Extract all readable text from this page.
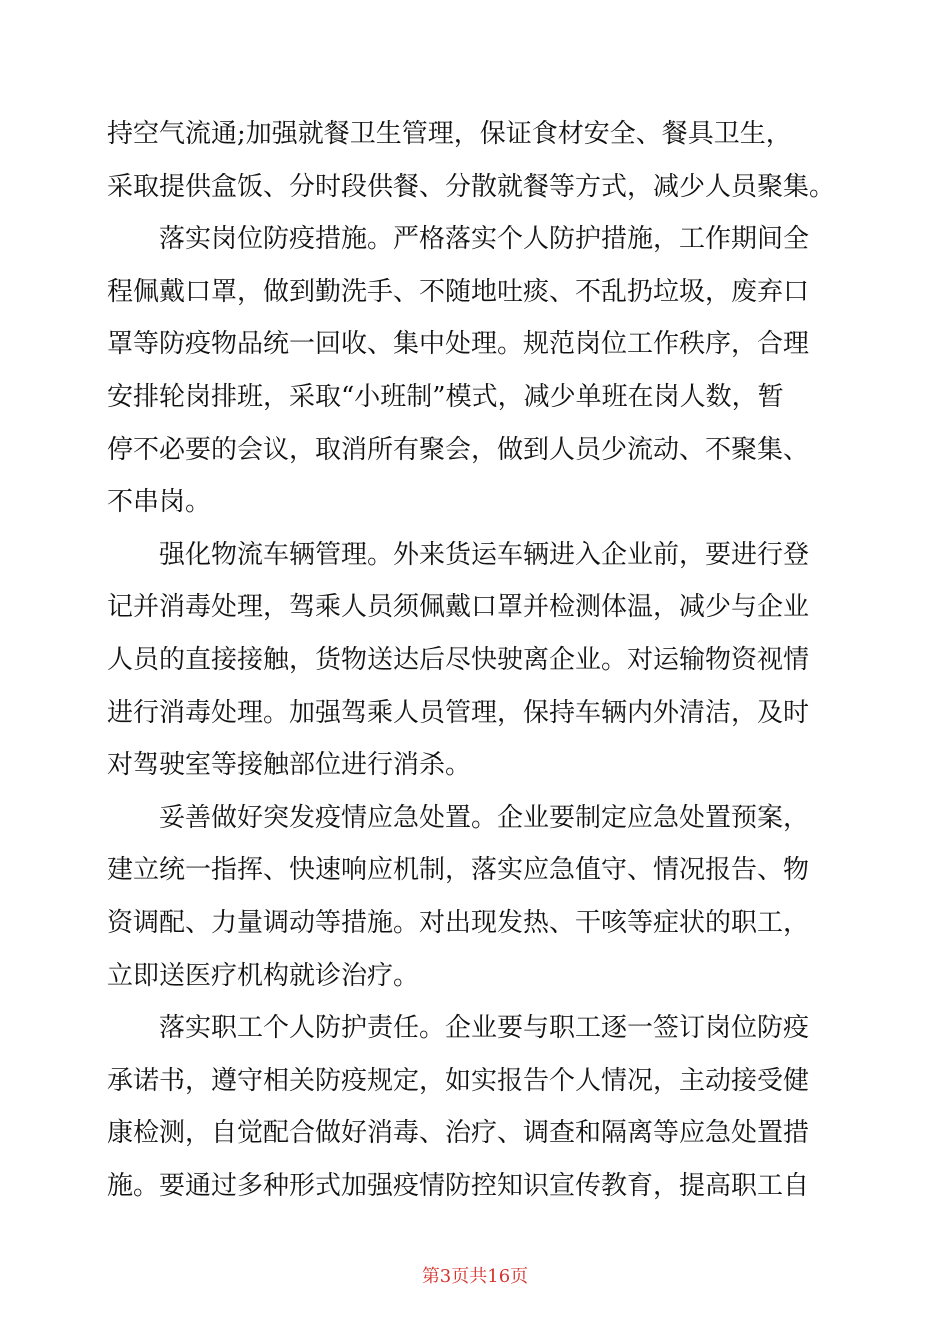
持空气流通;加强就餐卫生管理，保证食材安全、餐具卫生，
采取提供盒饭、分时段供餐、分散就餐等方式，减少人员聚集。
　　落实岗位防疫措施。严格落实个人防护措施，工作期间全
程佩戴口罩，做到勤洗手、不随地吐痰、不乱扔垃圾，废弃口
罩等防疫物品统一回收、集中处理。规范岗位工作秩序，合理
安排轮岗排班，采取“小班制”模式，减少单班在岗人数，暂
停不必要的会议，取消所有聚会，做到人员少流动、不聚集、
不串岗。
　　强化物流车辆管理。外来货运车辆进入企业前，要进行登
记并消毒处理，驾乘人员须佩戴口罩并检测体温，减少与企业
人员的直接接触，货物送达后尽快驶离企业。对运输物资视情
进行消毒处理。加强驾乘人员管理，保持车辆内外清洁，及时
对驾驶室等接触部位进行消杀。
　　妥善做好突发疫情应急处置。企业要制定应急处置预案，
建立统一指挥、快速响应机制，落实应急值守、情况报告、物
资调配、力量调动等措施。对出现发热、干咳等症状的职工，
立即送医疗机构就诊治疗。
　　落实职工个人防护责任。企业要与职工逐一签订岗位防疫
承诺书，遵守相关防疫规定，如实报告个人情况，主动接受健
康检测，自觉配合做好消毒、治疗、调查和隔离等应急处置措
施。要通过多种形式加强疫情防控知识宣传教育，提高职工自
第3页共16页
